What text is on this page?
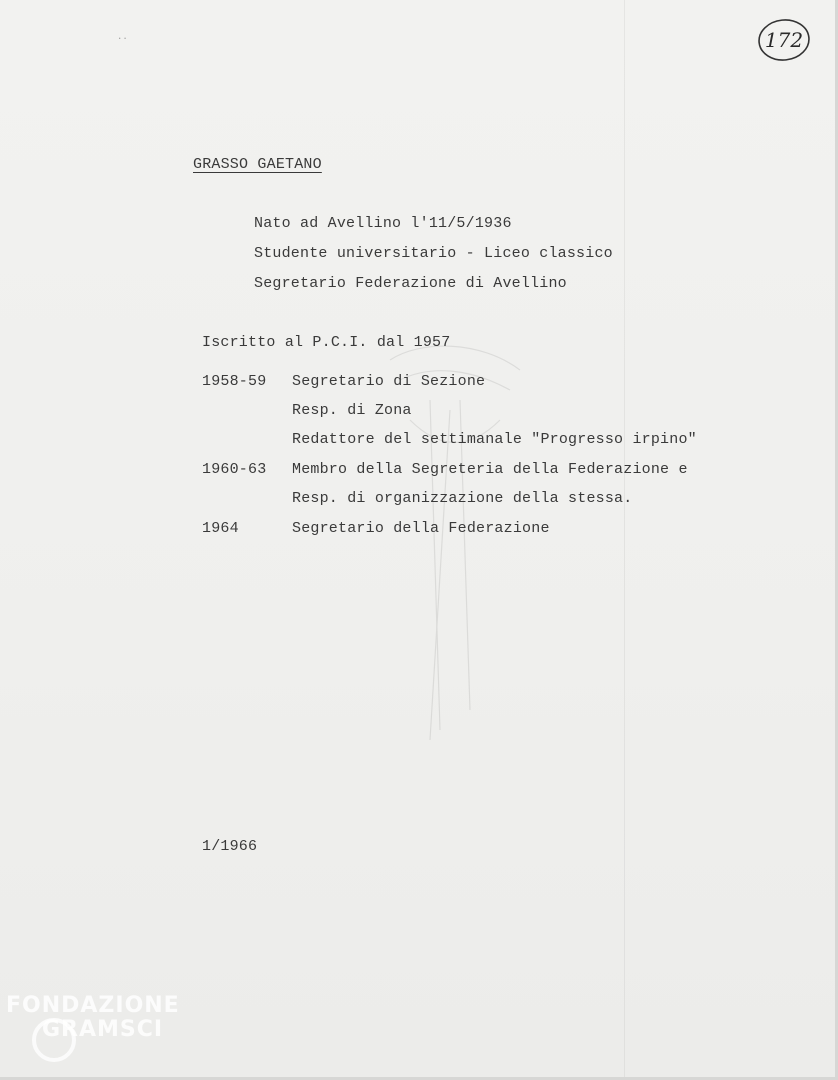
··	172
GRASSO GAETANO
Nato ad Avellino l'11/5/1936
Studente universitario - Liceo classico
Segretario Federazione di Avellino
Iscritto al P.C.I. dal 1957
1958-59 Segretario di Sezione
Resp. di Zona
Redattore del settimanale "Progresso irpino"
1960-63 Membro della Segreteria della Federazione e
Resp. di organizzazione della stessa.
1964	Segretario della Federazione
1/1966
FONDAZIONE
GRAMSCI
